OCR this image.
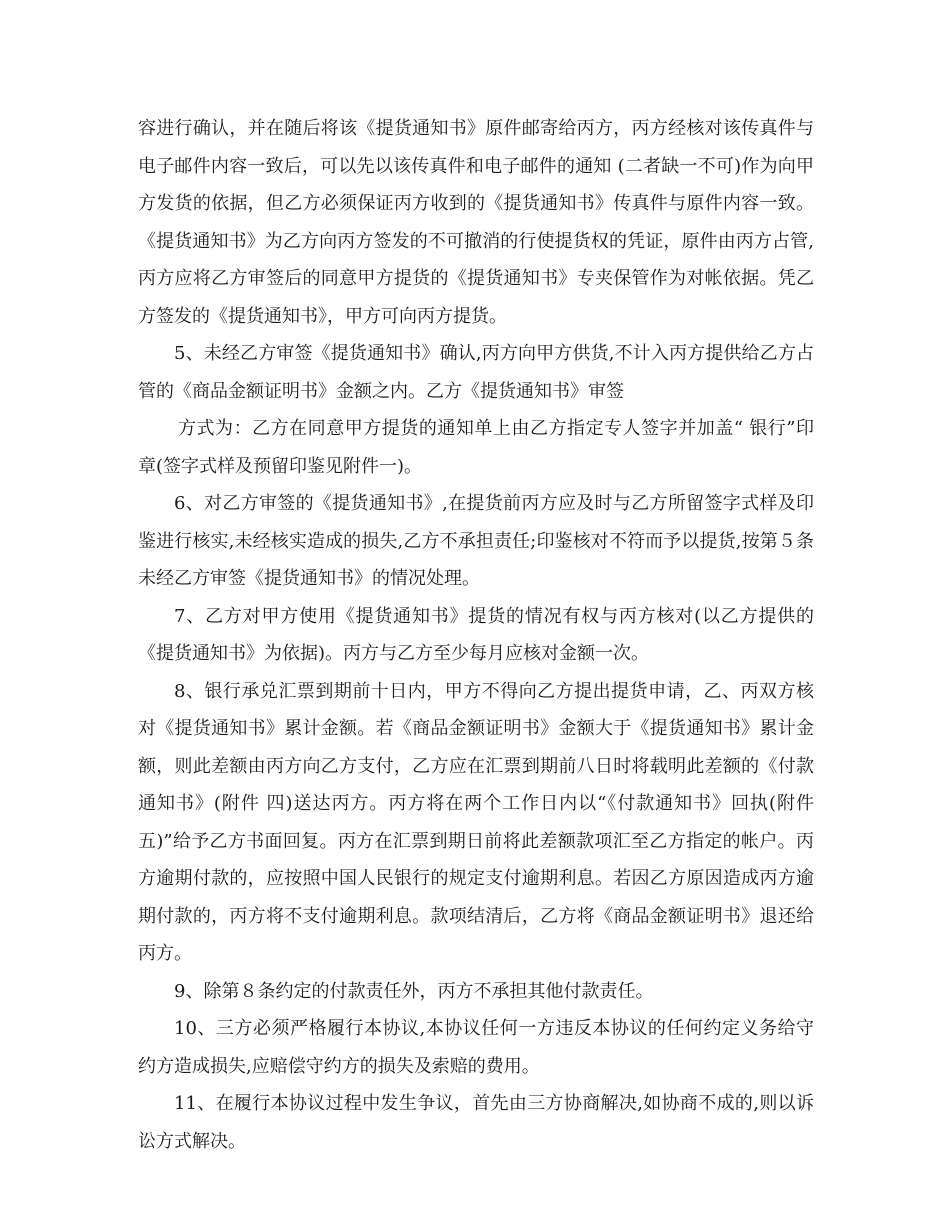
容进行确认，并在随后将该《提货通知书》原件邮寄给丙方，丙方经核对该传真件与电子邮件内容一致后，可以先以该传真件和电子邮件的通知 (二者缺一不可)作为向甲方发货的依据，但乙方必须保证丙方收到的《提货通知书》传真件与原件内容一致。《提货通知书》为乙方向丙方签发的不可撤消的行使提货权的凭证，原件由丙方占管,丙方应将乙方审签后的同意甲方提货的《提货通知书》专夹保管作为对帐依据。凭乙方签发的《提货通知书》，甲方可向丙方提货。

5、未经乙方审签《提货通知书》确认,丙方向甲方供货,不计入丙方提供给乙方占管的《商品金额证明书》金额之内。乙方《提货通知书》审签

方式为：乙方在同意甲方提货的通知单上由乙方指定专人签字并加盖“ 银行”印章(签字式样及预留印鉴见附件一)。

6、对乙方审签的《提货通知书》,在提货前丙方应及时与乙方所留签字式样及印鉴进行核实,未经核实造成的损失,乙方不承担责任;印鉴核对不符而予以提货,按第５条未经乙方审签《提货通知书》的情况处理。

7、乙方对甲方使用《提货通知书》提货的情况有权与丙方核对(以乙方提供的《提货通知书》为依据)。丙方与乙方至少每月应核对金额一次。

8、银行承兑汇票到期前十日内，甲方不得向乙方提出提货申请，乙、丙双方核对《提货通知书》累计金额。若《商品金额证明书》金额大于《提货通知书》累计金额，则此差额由丙方向乙方支付，乙方应在汇票到期前八日时将载明此差额的《付款通知书》(附件 四)送达丙方。丙方将在两个工作日内以“《付款通知书》回执(附件五)”给予乙方书面回复。丙方在汇票到期日前将此差额款项汇至乙方指定的帐户。丙方逾期付款的，应按照中国人民银行的规定支付逾期利息。若因乙方原因造成丙方逾期付款的，丙方将不支付逾期利息。款项结清后，乙方将《商品金额证明书》退还给丙方。

9、除第８条约定的付款责任外，丙方不承担其他付款责任。

10、三方必须严格履行本协议,本协议任何一方违反本协议的任何约定义务给守约方造成损失,应赔偿守约方的损失及索赔的费用。

11、在履行本协议过程中发生争议，首先由三方协商解决,如协商不成的,则以诉讼方式解决。
